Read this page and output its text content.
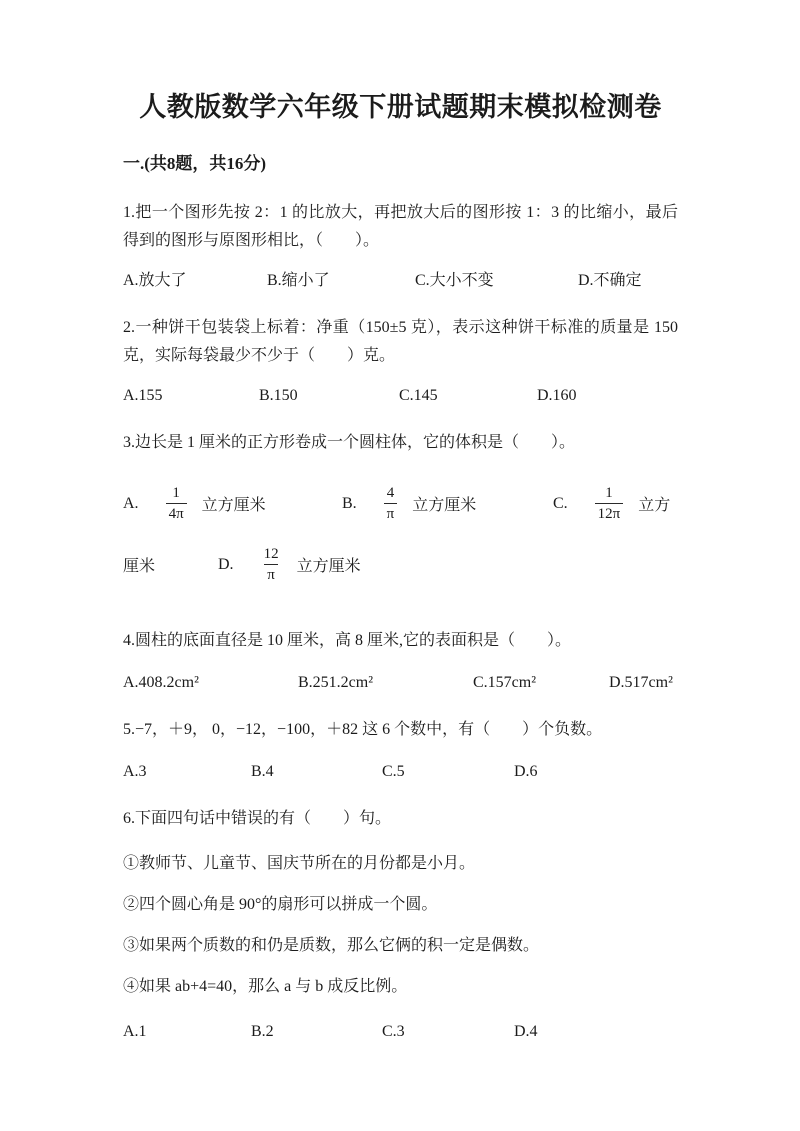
人教版数学六年级下册试题期末模拟检测卷
一.(共8题，共16分)

1.把一个图形先按 2：1 的比放大，再把放大后的图形按 1：3 的比缩小，最后得到的图形与原图形相比，（　　）。

A.放大了	B.缩小了	C.大小不变	D.不确定

2.一种饼干包装袋上标着：净重（150±5 克），表示这种饼干标准的质量是 150 克，实际每袋最少不少于（　　）克。

A.155	B.150	C.145	D.160

3.边长是 1 厘米的正方形卷成一个圆柱体，它的体积是（　　）。

A. $\frac{1}{4\pi}$ 立方厘米	B. $\frac{4}{\pi}$ 立方厘米	C. $\frac{1}{12\pi}$ 立方
厘米	D. $\frac{12}{\pi}$ 立方厘米

4.圆柱的底面直径是 10 厘米，高 8 厘米,它的表面积是（　　）。

A.408.2cm²	B.251.2cm²	C.157cm²	D.517cm²

5.−7，＋9， 0，−12，−100，＋82 这 6 个数中，有（　　）个负数。

A.3	B.4	C.5	D.6

6.下面四句话中错误的有（　　）句。

①教师节、儿童节、国庆节所在的月份都是小月。

②四个圆心角是 90°的扇形可以拼成一个圆。

③如果两个质数的和仍是质数，那么它俩的积一定是偶数。

④如果 ab+4=40，那么 a 与 b 成反比例。

A.1	B.2	C.3	D.4
